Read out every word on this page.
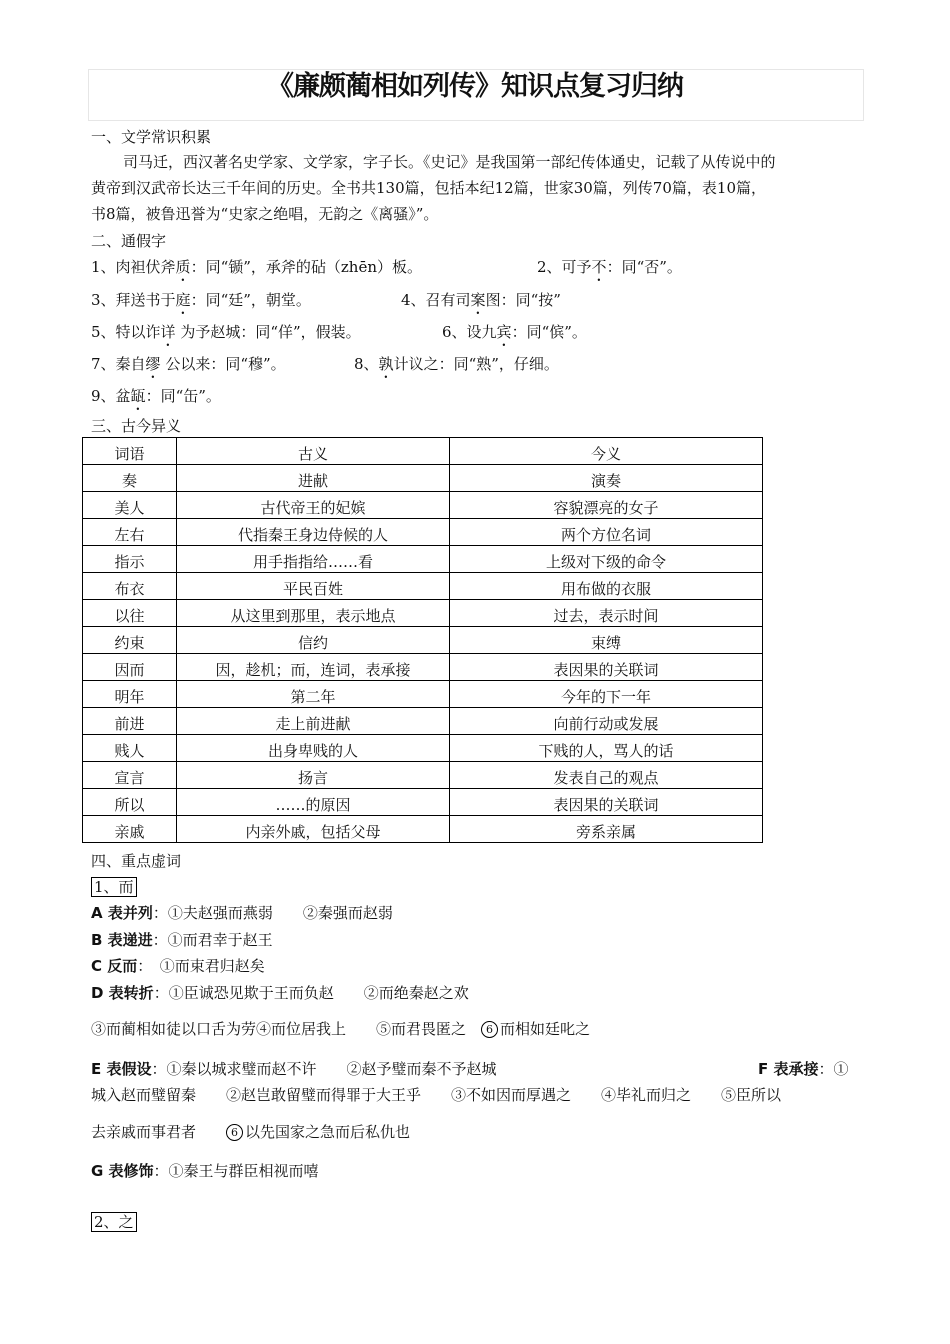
《廉颇蔺相如列传》知识点复习归纳
一、文学常识积累
司马迁，西汉著名史学家、文学家，字子长。《史记》是我国第一部纪传体通史，记载了从传说中的
黄帝到汉武帝长达三千年间的历史。全书共130篇，包括本纪12篇，世家30篇，列传70篇，表10篇，
书8篇，被鲁迅誉为“史家之绝唱，无韵之《离骚》”。
二、通假字
1、肉袒伏斧质：同“锧”，承斧的砧（zhēn）板。	2、可予不：同“否”。
3、拜送书于庭：同“廷”，朝堂。	4、召有司案图：同“按”
5、特以诈详 为予赵城：同“佯”，假装。	6、设九宾：同“傧”。
7、秦自缪 公以来：同“穆”。	8、孰计议之：同“熟”，仔细。
9、盆缻：同“缶”。
三、古今异义
词语	古义	今义
奏	进献	演奏
美人	古代帝王的妃嫔	容貌漂亮的女子
左右	代指秦王身边侍候的人	两个方位名词
指示	用手指指给……看	上级对下级的命令
布衣	平民百姓	用布做的衣服
以往	从这里到那里，表示地点	过去，表示时间
约束	信约	束缚
因而	因，趁机；而，连词，表承接	表因果的关联词
明年	第二年	今年的下一年
前进	走上前进献	向前行动或发展
贱人	出身卑贱的人	下贱的人，骂人的话
宣言	扬言	发表自己的观点
所以	……的原因	表因果的关联词
亲戚	内亲外戚，包括父母	旁系亲属
四、重点虚词
1、而
A 表并列：①夫赵强而燕弱　　②秦强而赵弱
B 表递进：①而君幸于赵王
C 反而：　①而束君归赵矣
D 表转折：①臣诚恐见欺于王而负赵　　②而绝秦赵之欢
③而蔺相如徒以口舌为劳④而位居我上　　⑤而君畏匿之　 6 而相如廷叱之
E 表假设：①秦以城求璧而赵不许　　②赵予璧而秦不予赵城	F 表承接：①
城入赵而璧留秦　　②赵岂敢留璧而得罪于大王乎　　③不如因而厚遇之　　④毕礼而归之　　⑤臣所以
去亲戚而事君者　　	6 以先国家之急而后私仇也
G 表修饰：①秦王与群臣相视而嘻
2、之
